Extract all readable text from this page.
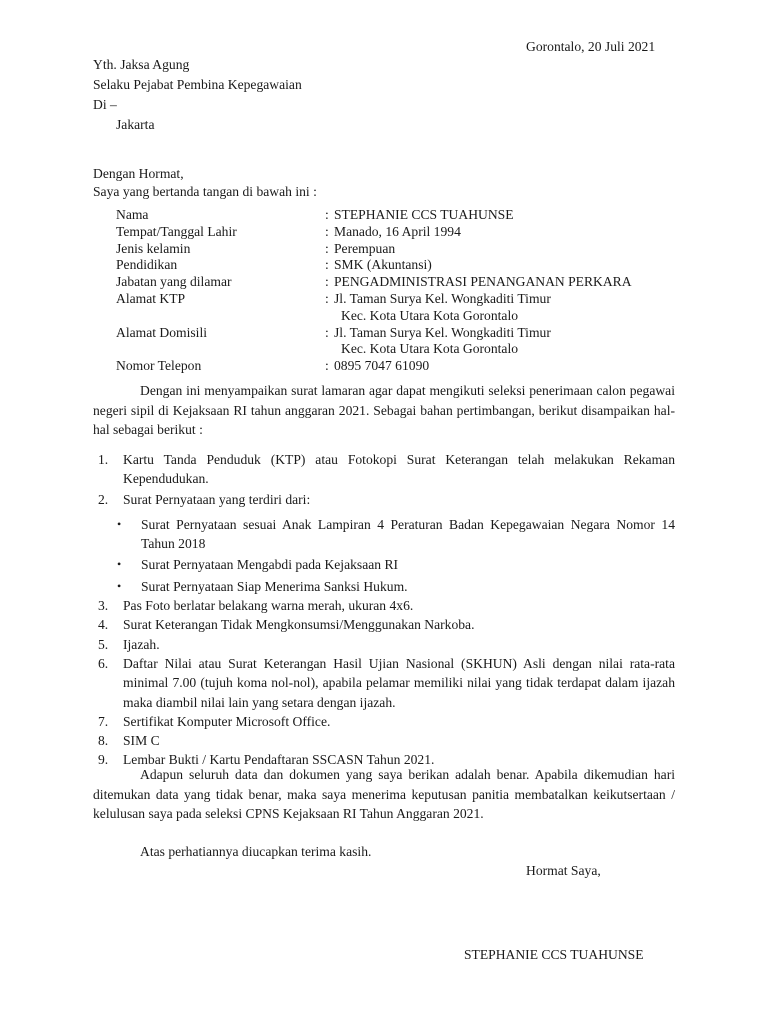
Gorontalo, 20 Juli 2021
Yth. Jaksa Agung
Selaku Pejabat Pembina Kepegawaian
Di –
Jakarta
Dengan Hormat,
Saya yang bertanda tangan di bawah ini :
Nama	:	STEPHANIE CCS TUAHUNSE
Tempat/Tanggal Lahir	:	Manado, 16 April 1994
Jenis kelamin	:	Perempuan
Pendidikan	:	SMK (Akuntansi)
Jabatan yang dilamar	:	PENGADMINISTRASI PENANGANAN PERKARA
Alamat KTP	:	Jl. Taman Surya Kel. Wongkaditi Timur
Kec. Kota Utara Kota Gorontalo

Alamat Domisili	:	Jl. Taman Surya Kel. Wongkaditi Timur
Kec. Kota Utara Kota Gorontalo

Nomor Telepon	:	0895 7047 61090
Dengan ini menyampaikan surat lamaran agar dapat mengikuti seleksi penerimaan calon pegawai negeri sipil di Kejaksaan RI tahun anggaran 2021. Sebagai bahan pertimbangan, berikut disampaikan hal-hal sebagai berikut :
1. Kartu Tanda Penduduk (KTP) atau Fotokopi Surat Keterangan telah melakukan Rekaman Kependudukan.
2. Surat Pernyataan yang terdiri dari:
• Surat Pernyataan sesuai Anak Lampiran 4 Peraturan Badan Kepegawaian Negara Nomor 14 Tahun 2018
• Surat Pernyataan Mengabdi pada Kejaksaan RI
• Surat Pernyataan Siap Menerima Sanksi Hukum.
3. Pas Foto berlatar belakang warna merah, ukuran 4x6.
4. Surat Keterangan Tidak Mengkonsumsi/Menggunakan Narkoba.
5. Ijazah.
6. Daftar Nilai atau Surat Keterangan Hasil Ujian Nasional (SKHUN) Asli dengan nilai rata-rata minimal 7.00 (tujuh koma nol-nol), apabila pelamar memiliki nilai yang tidak terdapat dalam ijazah maka diambil nilai lain yang setara dengan ijazah.
7. Sertifikat Komputer Microsoft Office.
8. SIM C
9. Lembar Bukti / Kartu Pendaftaran SSCASN Tahun 2021.
Adapun seluruh data dan dokumen yang saya berikan adalah benar. Apabila dikemudian hari ditemukan data yang tidak benar, maka saya menerima keputusan panitia membatalkan keikutsertaan / kelulusan saya pada seleksi CPNS Kejaksaan RI Tahun Anggaran 2021.
Atas perhatiannya diucapkan terima kasih.
Hormat Saya,
STEPHANIE CCS TUAHUNSE
